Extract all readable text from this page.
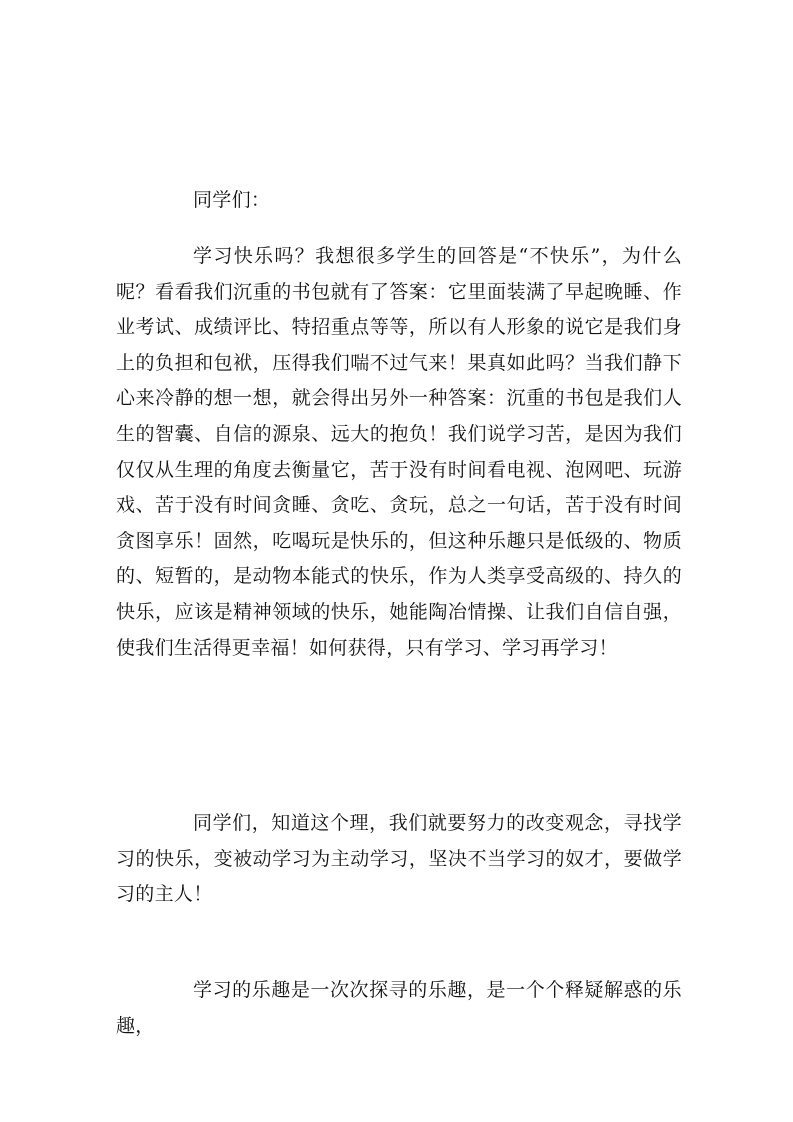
同学们：

学习快乐吗？我想很多学生的回答是“不快乐”，为什么呢？看看我们沉重的书包就有了答案：它里面装满了早起晚睡、作业考试、成绩评比、特招重点等等，所以有人形象的说它是我们身上的负担和包袱，压得我们喘不过气来！果真如此吗？当我们静下心来冷静的想一想，就会得出另外一种答案：沉重的书包是我们人生的智囊、自信的源泉、远大的抱负！我们说学习苦，是因为我们仅仅从生理的角度去衡量它，苦于没有时间看电视、泡网吧、玩游戏、苦于没有时间贪睡、贪吃、贪玩，总之一句话，苦于没有时间贪图享乐！固然，吃喝玩是快乐的，但这种乐趣只是低级的、物质的、短暂的，是动物本能式的快乐，作为人类享受高级的、持久的快乐，应该是精神领域的快乐，她能陶冶情操、让我们自信自强，使我们生活得更幸福！如何获得，只有学习、学习再学习！

同学们，知道这个理，我们就要努力的改变观念，寻找学习的快乐，变被动学习为主动学习，坚决不当学习的奴才，要做学习的主人！

学习的乐趣是一次次探寻的乐趣，是一个个释疑解惑的乐趣，
